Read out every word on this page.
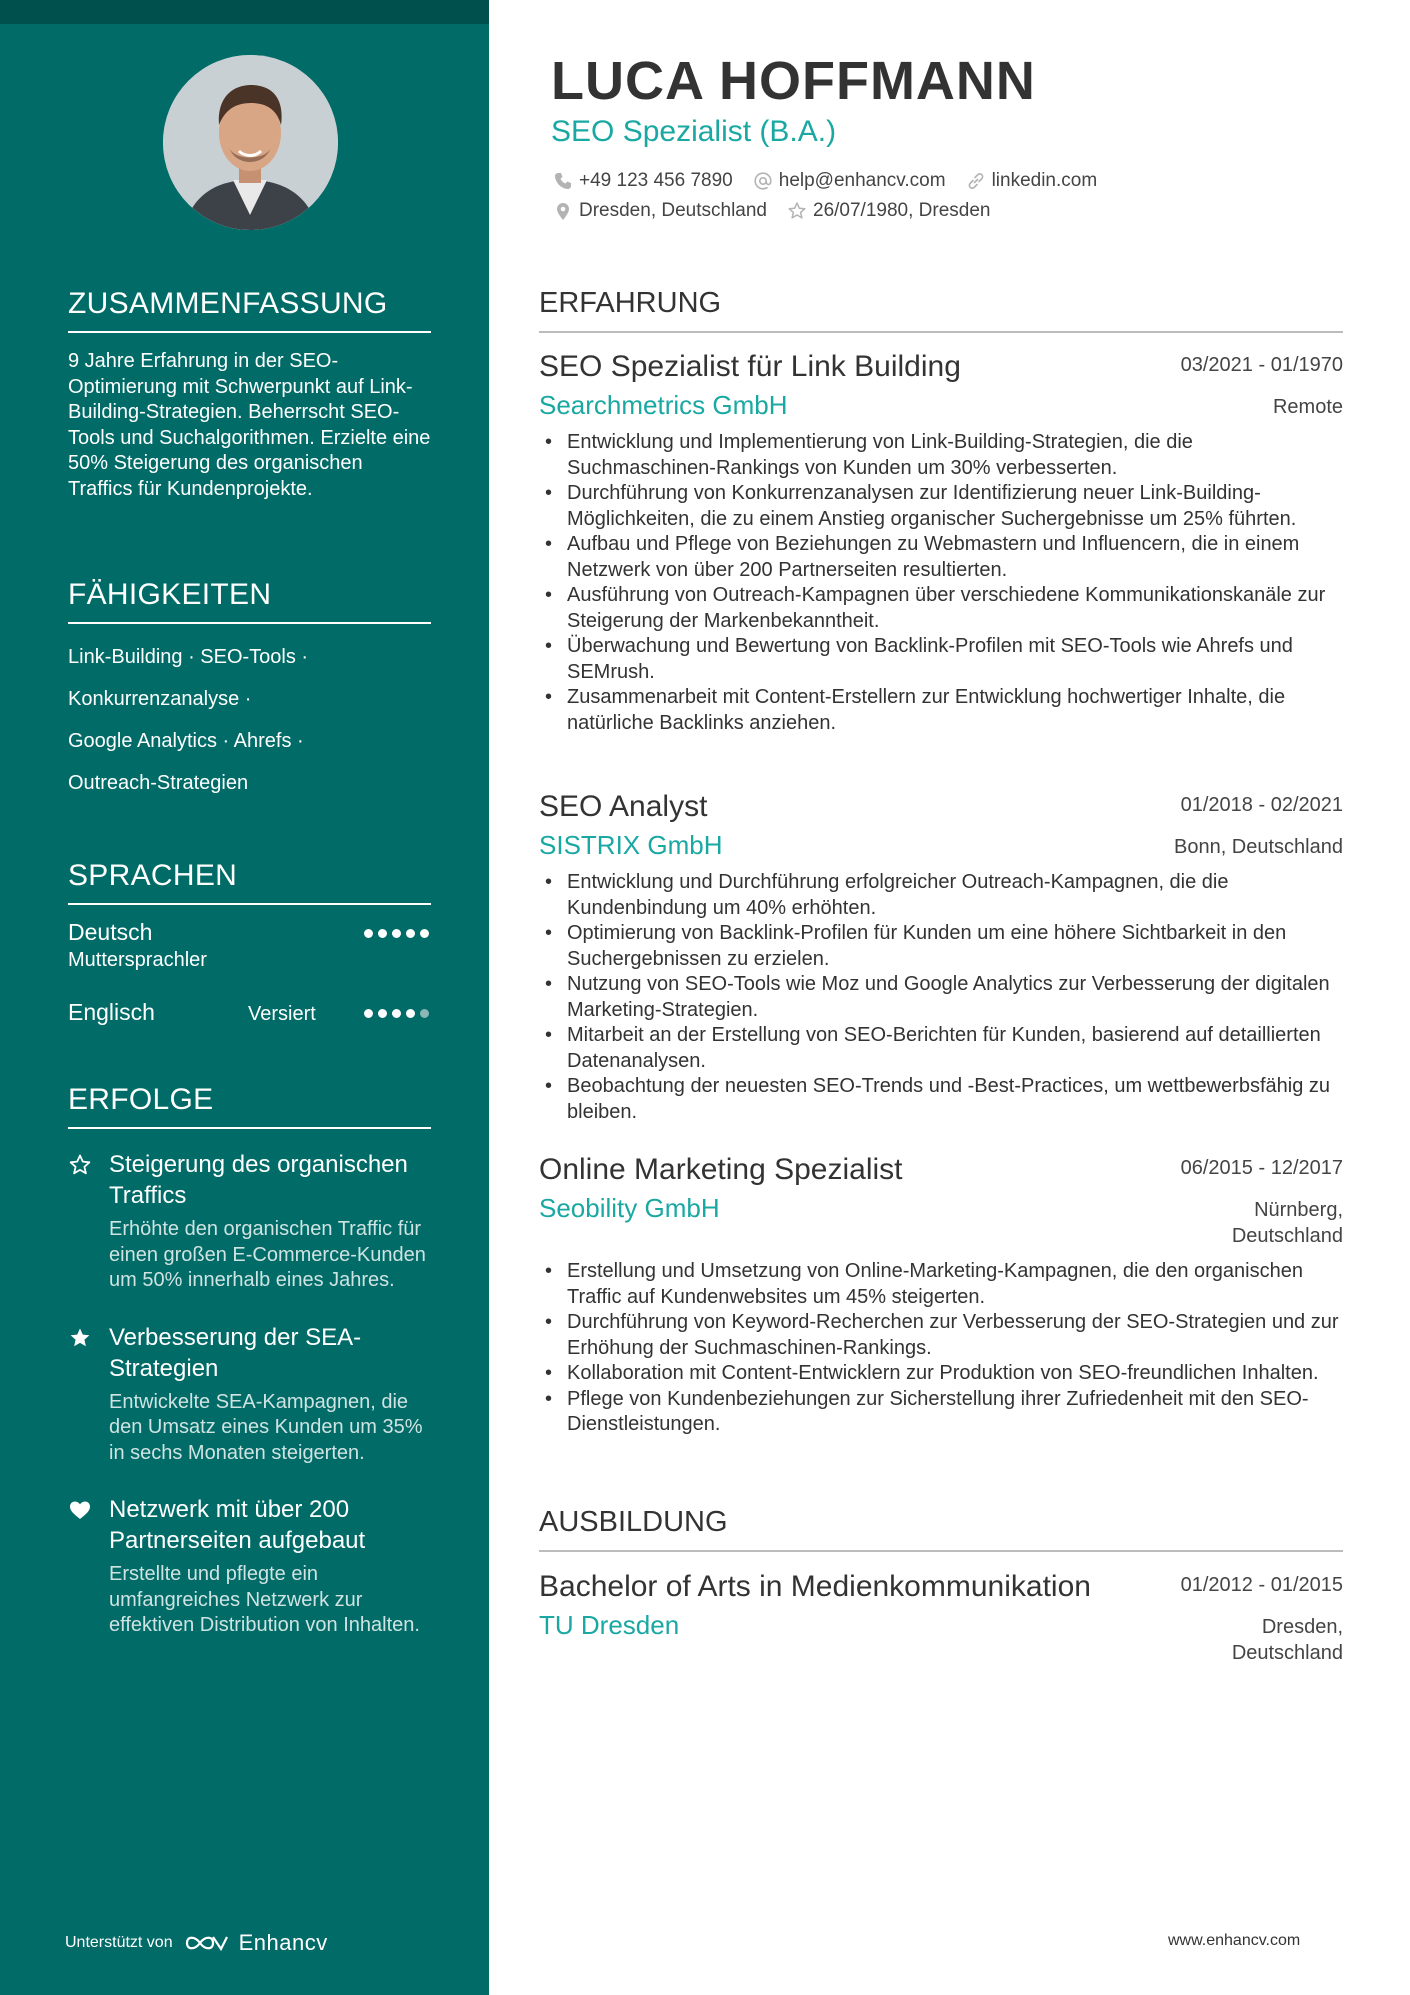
ZUSAMMENFASSUNG
9 Jahre Erfahrung in der SEO-Optimierung mit Schwerpunkt auf Link-Building-Strategien. Beherrscht SEO-Tools und Suchalgorithmen. Erzielte eine 50% Steigerung des organischen Traffics für Kundenprojekte.
FÄHIGKEITEN
Link-Building · SEO-Tools ·
Konkurrenzanalyse ·
Google Analytics · Ahrefs ·
Outreach-Strategien
SPRACHEN
Deutsch
Muttersprachler
Englisch	Versiert
ERFOLGE
Steigerung des organischen Traffics
Erhöhte den organischen Traffic für einen großen E-Commerce-Kunden um 50% innerhalb eines Jahres.
Verbesserung der SEA-Strategien
Entwickelte SEA-Kampagnen, die den Umsatz eines Kunden um 35% in sechs Monaten steigerten.
Netzwerk mit über 200 Partnerseiten aufgebaut
Erstellte und pflegte ein umfangreiches Netzwerk zur effektiven Distribution von Inhalten.
Unterstützt von	Enhancv
LUCA HOFFMANN
SEO Spezialist (B.A.)
+49 123 456 7890 help@enhancv.com linkedin.com
Dresden, Deutschland 26/07/1980, Dresden
ERFAHRUNG
SEO Spezialist für Link Building	03/2021 - 01/1970
Searchmetrics GmbH	Remote
• Entwicklung und Implementierung von Link-Building-Strategien, die die Suchmaschinen-Rankings von Kunden um 30% verbesserten.
• Durchführung von Konkurrenzanalysen zur Identifizierung neuer Link-Building-Möglichkeiten, die zu einem Anstieg organischer Suchergebnisse um 25% führten.
• Aufbau und Pflege von Beziehungen zu Webmastern und Influencern, die in einem Netzwerk von über 200 Partnerseiten resultierten.
• Ausführung von Outreach-Kampagnen über verschiedene Kommunikationskanäle zur Steigerung der Markenbekanntheit.
• Überwachung und Bewertung von Backlink-Profilen mit SEO-Tools wie Ahrefs und SEMrush.
• Zusammenarbeit mit Content-Erstellern zur Entwicklung hochwertiger Inhalte, die natürliche Backlinks anziehen.
SEO Analyst	01/2018 - 02/2021
SISTRIX GmbH	Bonn, Deutschland
• Entwicklung und Durchführung erfolgreicher Outreach-Kampagnen, die die Kundenbindung um 40% erhöhten.
• Optimierung von Backlink-Profilen für Kunden um eine höhere Sichtbarkeit in den Suchergebnissen zu erzielen.
• Nutzung von SEO-Tools wie Moz und Google Analytics zur Verbesserung der digitalen Marketing-Strategien.
• Mitarbeit an der Erstellung von SEO-Berichten für Kunden, basierend auf detaillierten Datenanalysen.
• Beobachtung der neuesten SEO-Trends und -Best-Practices, um wettbewerbsfähig zu bleiben.
Online Marketing Spezialist	06/2015 - 12/2017
Seobility GmbH	Nürnberg,
Deutschland
• Erstellung und Umsetzung von Online-Marketing-Kampagnen, die den organischen Traffic auf Kundenwebsites um 45% steigerten.
• Durchführung von Keyword-Recherchen zur Verbesserung der SEO-Strategien und zur Erhöhung der Suchmaschinen-Rankings.
• Kollaboration mit Content-Entwicklern zur Produktion von SEO-freundlichen Inhalten.
• Pflege von Kundenbeziehungen zur Sicherstellung ihrer Zufriedenheit mit den SEO-Dienstleistungen.
AUSBILDUNG
Bachelor of Arts in Medienkommunikation	01/2012 - 01/2015
TU Dresden	Dresden,
Deutschland
www.enhancv.com
